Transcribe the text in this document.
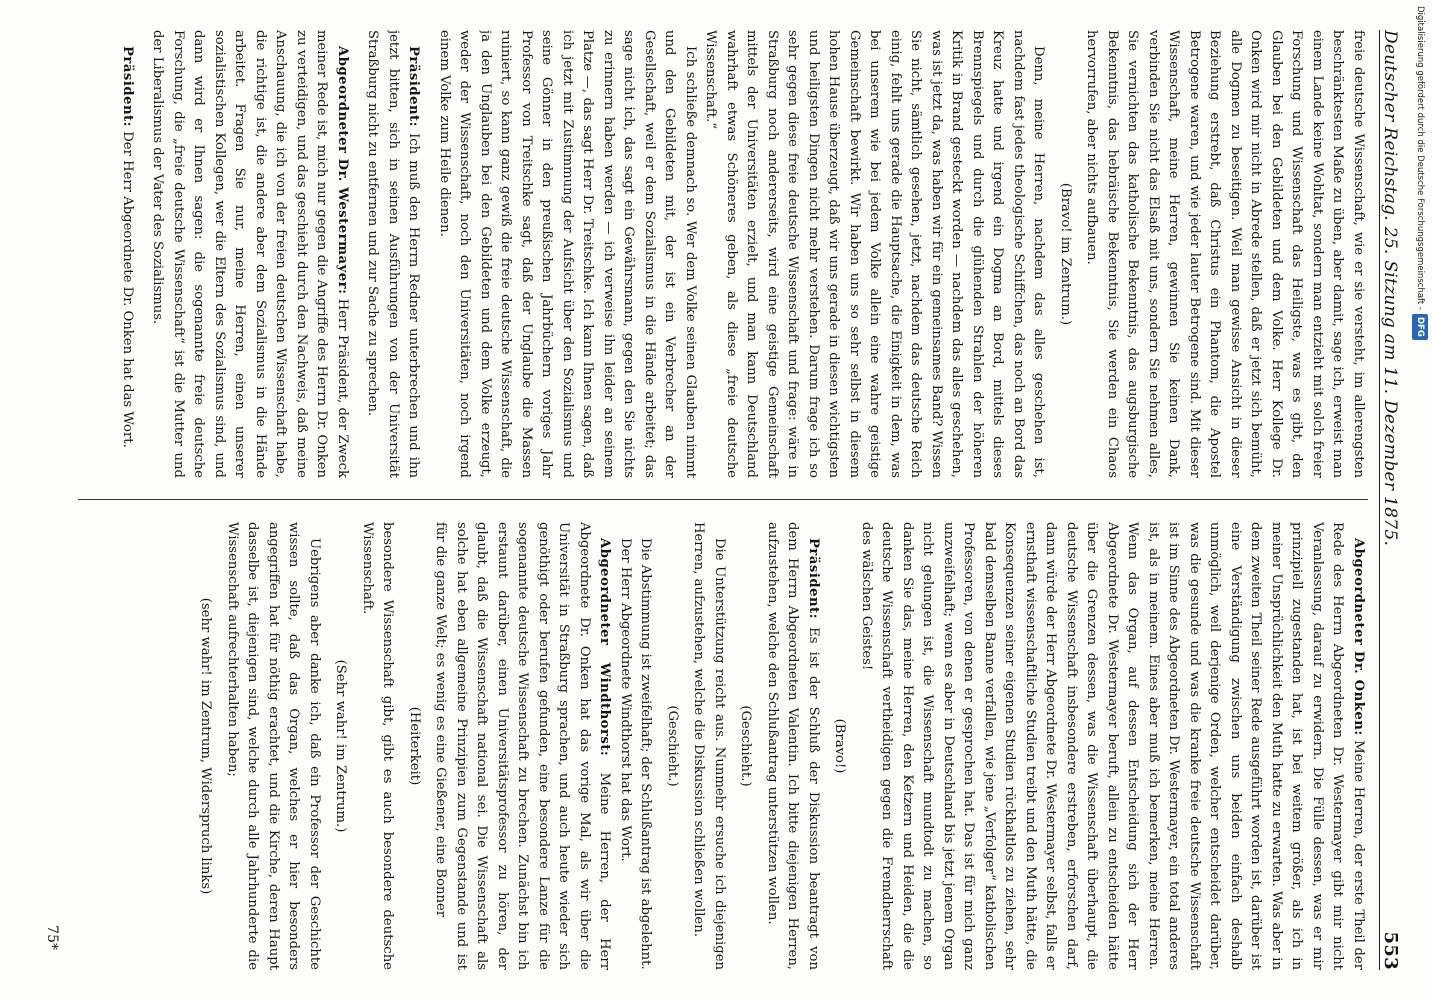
Deutscher Reichstag. 25. Sitzung am 11. Dezember 1875.
553

freie deutsche Wissenschaft, wie er sie versteht, im allerengsten beschränktesten Maße zu üben, aber damit, sage ich, erweist man einem Lande keine Wohltat, sondern man entzieht mit solch freier Forschung und Wissenschaft das Heiligste, was es gibt, den Glauben bei den Gebildeten und dem Volke. Herr Kollege Dr. Onken wird mir nicht in Abrede stellen, daß er jetzt sich bemüht, alle Dogmen zu beseitigen. Weil man gewisse Ansicht in dieser Beziehung erstrebt, daß Christus ein Phantom, die Apostel Betrogene waren, und wie jeder lauter Betrogene sind. Mit dieser Wissenschaft, meine Herren, gewinnen Sie keinen Dank, verbinden Sie nicht das Elsaß mit uns, sondern Sie nehmen alles, Sie vernichten das katholische Bekenntnis, das augsburgische Bekenntnis, das hebräische Bekenntnis, Sie werden ein Chaos hervorrufen, aber nichts aufbauen.

(Bravo! im Zentrum.)

Denn, meine Herren, nachdem das alles geschehen ist, nachdem fast jedes theologische Schiffchen, das noch an Bord das Kreuz hatte und irgend ein Dogma an Bord, mittels dieses Brennspiegels und durch die glühenden Strahlen der höheren Kritik in Brand gesteckt worden — nachdem das alles geschehen, was ist jetzt da, was haben wir für ein gemeinsames Band? Wissen Sie nicht, sämtlich gesehen, jetzt, nachdem das deutsche Reich einig, fehlt uns gerade die Hauptsache, die Einigkeit in dem, was bei unserem wie bei jedem Volke allein eine wahre geistige Gemeinschaft bewirkt. Wir haben uns so sehr selbst in diesem hohen Hause überzeugt, daß wir uns gerade in diesen wichtigsten und heiligsten Dingen nicht mehr verstehen. Darum frage ich so sehr gegen diese freie deutsche Wissenschaft und frage: wäre in Straßburg noch andererseits, wird eine geistige Gemeinschaft mittels der Universitäten erzielt, und man kann Deutschland wahrhaft etwas Schöneres geben, als diese „freie deutsche Wissenschaft.“

Ich schließe demnach so. Wer dem Volke seinen Glauben nimmt und den Gebildeten mit, der ist ein Verbrecher an der Gesellschaft, weil er dem Sozialismus in die Hände arbeitet; das sage nicht ich, das sagt ein Gewährsmann, gegen den Sie nichts zu erinnern haben werden — ich verweise ihn leider an seinem Platze —, das sagt Herr Dr. Treitschke. Ich kann Ihnen sagen, daß ich jetzt mit Zustimmung der Aufsicht über den Sozialismus und seine Gönner in den preußischen Jahrbüchern voriges Jahr Professor von Treitschke sagt, daß der Unglaube die Massen ruiniert, so kann ganz gewiß die freie deutsche Wissenschaft, die ja den Unglauben bei den Gebildeten und dem Volke erzeugt, weder der Wissenschaft, noch den Universitäten, noch irgend einem Volke zum Heile dienen.

Präsident: Ich muß den Herrn Redner unterbrechen und ihn jetzt bitten, sich in seinen Ausführungen von der Universität Straßburg nicht zu entfernen und zur Sache zu sprechen.

Abgeordneter Dr. Westermayer: Herr Präsident, der Zweck meiner Rede ist, mich nur gegen die Angriffe des Herrn Dr. Onken zu verteidigen, und das geschieht durch den Nachweis, daß meine Anschauung, die ich von der freien deutschen Wissenschaft habe, die richtige ist, die andere aber dem Sozialismus in die Hände arbeitet. Fragen Sie nur, meine Herren, einen unserer sozialistischen Kollegen, wer die Eltern des Sozialismus sind, und dann wird er Ihnen sagen: die sogenannte freie deutsche Forschung, die „freie deutsche Wissenschaft“ ist die Mutter und der Liberalismus der Vater des Sozialismus.

Präsident: Der Herr Abgeordnete Dr. Onken hat das Wort.

Abgeordneter Dr. Onken: Meine Herren, der erste Theil der Rede des Herrn Abgeordneten Dr. Westermayer gibt mir nicht Veranlassung, darauf zu erwidern. Die Fülle dessen, was er mir prinzipiell zugestanden hat, ist bei weitem größer, als ich in meiner Unsprüchlichkeit den Muth hatte zu erwarten. Was aber in dem zweiten Theil seiner Rede ausgeführt worden ist, darüber ist eine Verständigung zwischen uns beiden einfach deshalb unmöglich, weil derjenige Orden, welcher entscheidet darüber, was die gesunde und was die kranke freie deutsche Wissenschaft ist im Sinne des Abgeordneten Dr. Westermayer, ein total anderes ist, als in meinem. Eines aber muß ich bemerken, meine Herren. Wenn das Organ, auf dessen Entscheidung sich der Herr Abgeordnete Dr. Westermayer beruft, allein zu entscheiden hätte über die Grenzen dessen, was die Wissenschaft überhaupt, die deutsche Wissenschaft insbesondere erstreben, erforschen darf, dann würde der Herr Abgeordnete Dr. Westermayer selbst, falls er ernsthaft wissenschaftliche Studien treibt und den Muth hätte, die Konsequenzen seiner eigenen Studien rückhaltlos zu ziehen, sehr bald demselben Banne verfallen, wie jene „Verfolger“ katholischen Professoren, von denen er gesprochen hat. Das ist für mich ganz unzweifelhaft; wenn es aber in Deutschland bis jetzt jenem Organ nicht gelungen ist, die Wissenschaft mundtodt zu machen, so danken Sie das, meine Herren, den Ketzern und Heiden, die die deutsche Wissenschaft vertheidigen gegen die Fremdherrschaft des wälschen Geistes!

(Bravo!)

Präsident: Es ist der Schluß der Diskussion beantragt von dem Herrn Abgeordneten Valentin. Ich bitte diejenigen Herren, aufzustehen, welche den Schlußantrag unterstützen wollen.

(Geschieht.)

Die Unterstützung reicht aus. Nunmehr ersuche ich diejenigen Herren, aufzustehen, welche die Diskussion schließen wollen.

(Geschieht.)

Die Abstimmung ist zweifelhaft; der Schlußantrag ist abgelehnt.

Der Herr Abgeordnete Windthorst hat das Wort.

Abgeordneter Windthorst: Meine Herren, der Herr Abgeordnete Dr. Onken hat das vorige Mal, als wir über die Universität in Straßburg sprachen, und auch heute wieder sich genöthigt oder berufen gefunden, eine besondere Lanze für die sogenannte deutsche Wissenschaft zu brechen. Zunächst bin ich erstaunt darüber, einen Universitätsprofessor zu hören, der glaubt, daß die Wissenschaft national sei. Die Wissenschaft als solche hat eben allgemeine Prinzipien zum Gegenstande und ist für die ganze Welt; es wenig es eine Gießener, eine Bonner

(Heiterkeit)

besondere Wissenschaft gibt, gibt es auch besondere deutsche Wissenschaft.

(Sehr wahr! im Zentrum.)

Uebrigens aber danke ich, daß ein Professor der Geschichte wissen sollte, daß das Organ, welches er hier besonders angegriffen hat für nöthig erachtet, und die Kirche, deren Haupt dasselbe ist, diejenigen sind, welche durch alle Jahrhunderte die Wissenschaft aufrechterhalten haben;

(sehr wahr! im Zentrum, Widerspruch links)

75*
Digitalisierung gefördert durch die Deutsche Forschungsgemeinschaft -DFG
